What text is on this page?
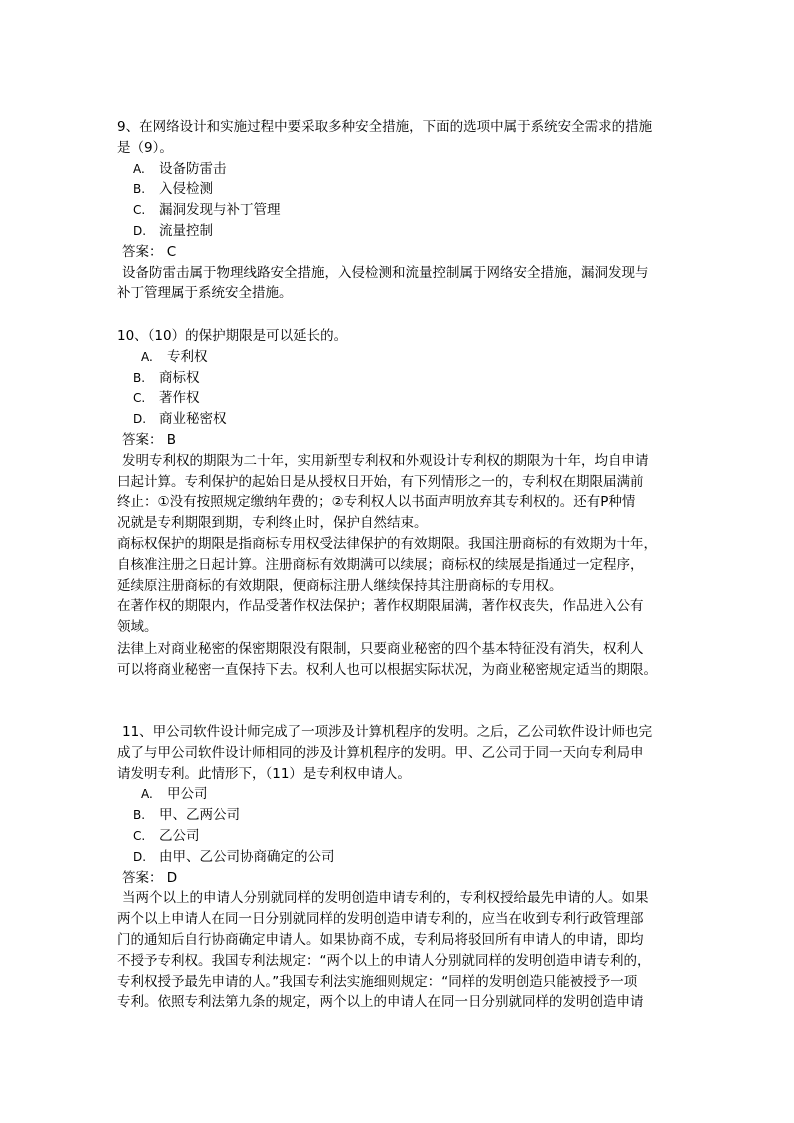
9、在网络设计和实施过程中要采取多种安全措施，下面的选项中属于系统安全需求的措施
是（9）。
A. 设备防雷击
B. 入侵检测
C. 漏洞发现与补丁管理
D. 流量控制
答案： C
设备防雷击属于物理线路安全措施，入侵检测和流量控制属于网络安全措施，漏洞发现与
补丁管理属于系统安全措施。
10、（10）的保护期限是可以延长的。
A. 专利权
B. 商标权
C. 著作权
D. 商业秘密权
答案： B
发明专利权的期限为二十年，实用新型专利权和外观设计专利权的期限为十年，均自申请
曰起计算。专利保护的起始日是从授权日开始，有下列情形之一的，专利权在期限届满前
终止：①没有按照规定缴纳年费的；②专利权人以书面声明放弃其专利权的。还有P种情
况就是专利期限到期，专利终止时，保护自然结束。
商标权保护的期限是指商标专用权受法律保护的有效期限。我国注册商标的有效期为十年，
自核准注册之日起计算。注册商标有效期满可以续展；商标权的续展是指通过一定程序，
延续原注册商标的有效期限，便商标注册人继续保持其注册商标的专用权。
在著作权的期限内，作品受著作权法保护；著作权期限届满，著作权丧失，作品进入公有
领域。
法律上对商业秘密的保密期限没有限制，只要商业秘密的四个基本特征没有消失，权利人
可以将商业秘密一直保持下去。权利人也可以根据实际状况，为商业秘密规定适当的期限。
11、甲公司软件设计师完成了一项涉及计算机程序的发明。之后，乙公司软件设计师也完
成了与甲公司软件设计师相同的涉及计算机程序的发明。甲、乙公司于同一天向专利局申
请发明专利。此情形下，（11）是专利权申请人。
A. 甲公司
B. 甲、乙两公司
C. 乙公司
D. 由甲、乙公司协商确定的公司
答案： D
当两个以上的申请人分别就同样的发明创造申请专利的，专利权授给最先申请的人。如果
两个以上申请人在同一日分别就同样的发明创造申请专利的，应当在收到专利行政管理部
门的通知后自行协商确定申请人。如果协商不成，专利局将驳回所有申请人的申请，即均
不授予专利权。我国专利法规定：“两个以上的申请人分别就同样的发明创造申请专利的，
专利权授予最先申请的人。”我国专利法实施细则规定：“同样的发明创造只能被授予一项
专利。依照专利法第九条的规定，两个以上的申请人在同一日分别就同样的发明创造申请
